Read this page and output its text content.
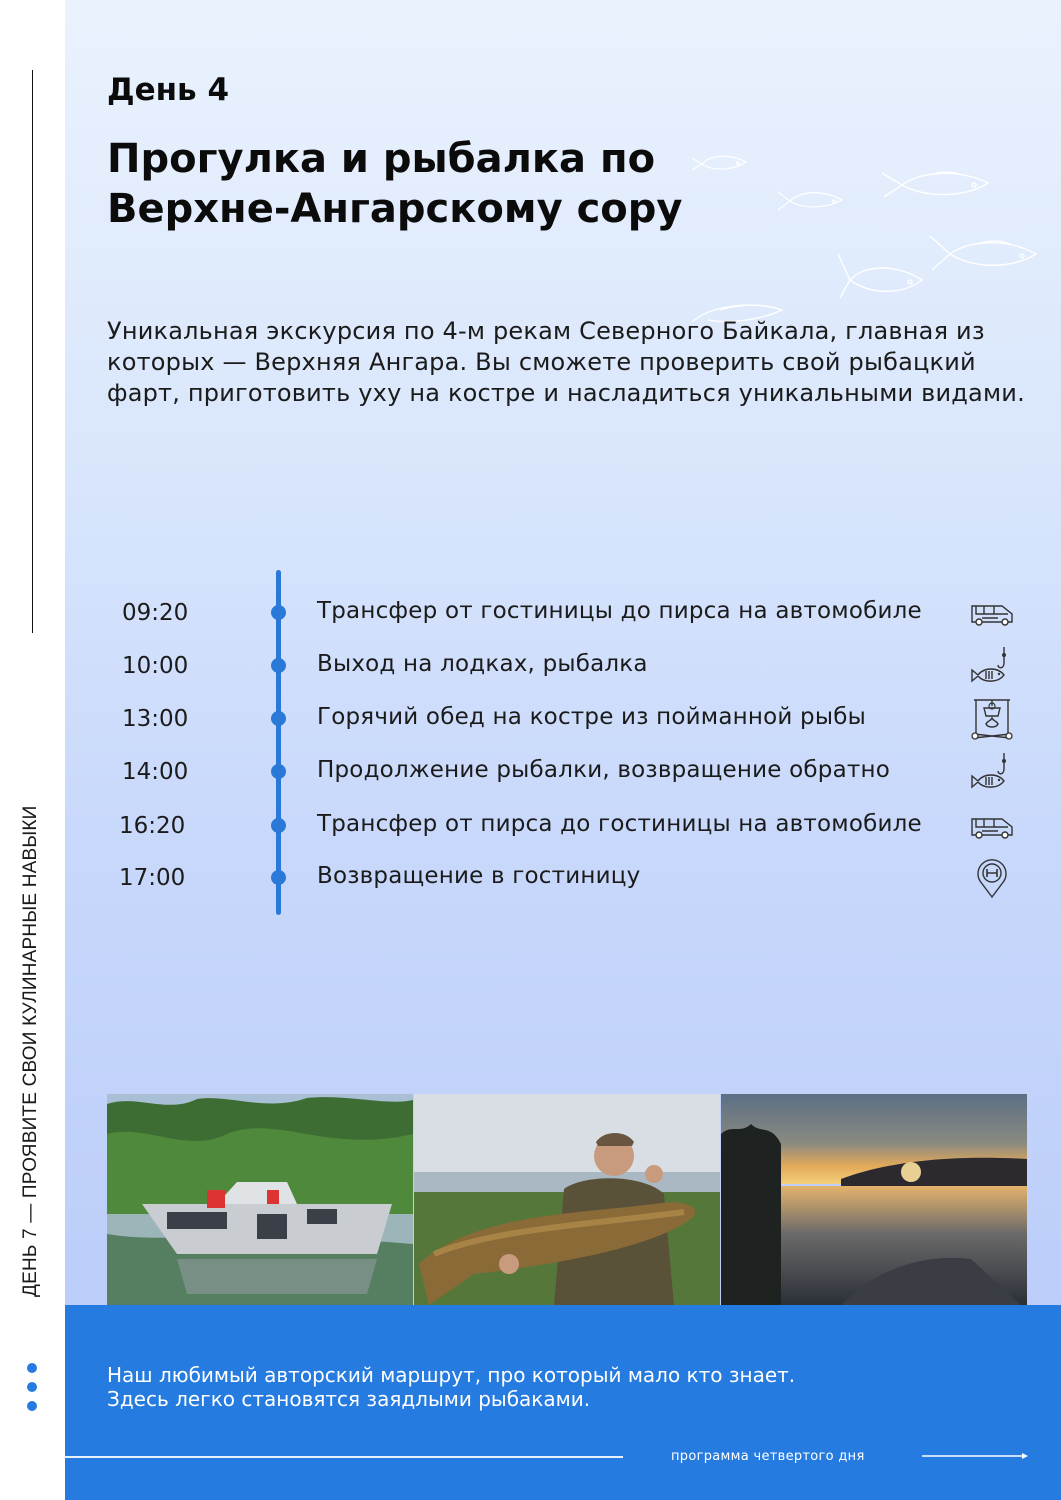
ДЕНЬ 7 — ПРОЯВИТЕ СВОИ КУЛИНАРНЫЕ НАВЫКИ
День 4
Прогулка и рыбалка по Верхне-Ангарскому сору
Уникальная экскурсия по 4-м рекам Северного Байкала, главная из которых — Верхняя Ангара. Вы сможете проверить свой рыбацкий фарт, приготовить уху на костре и насладиться уникальными видами.
09:20	Трансфер от гостиницы до пирса на автомобиле
10:00	Выход на лодках, рыбалка
13:00	Горячий обед на костре из пойманной рыбы
14:00	Продолжение рыбалки, возвращение обратно
16:20	Трансфер от пирса до гостиницы на автомобиле
17:00	Возвращение в гостиницу
Наш любимый авторский маршрут, про который мало кто знает. Здесь легко становятся заядлыми рыбаками.
программа четвертого дня
